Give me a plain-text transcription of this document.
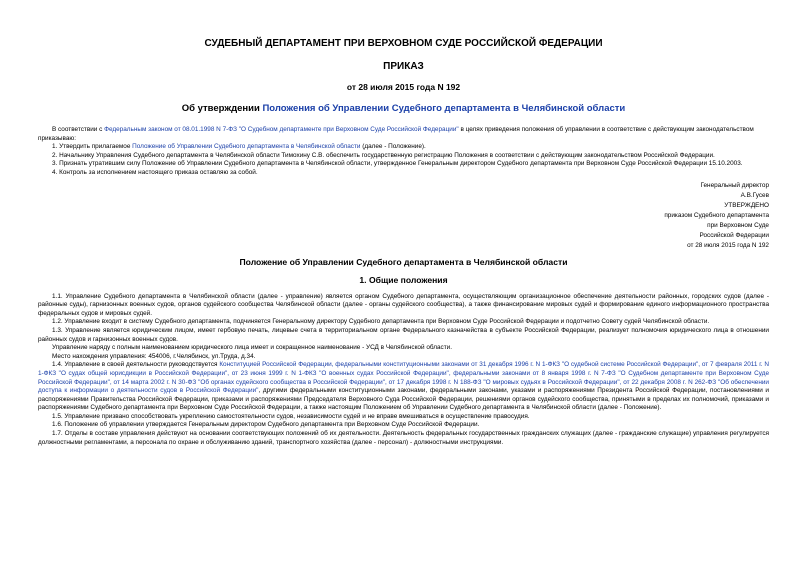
СУДЕБНЫЙ ДЕПАРТАМЕНТ ПРИ ВЕРХОВНОМ СУДЕ РОССИЙСКОЙ ФЕДЕРАЦИИ
ПРИКАЗ
от 28 июля 2015 года N 192
Об утверждении Положения об Управлении Судебного департамента в Челябинской области

В соответствии с Федеральным законом от 08.01.1998 N 7-ФЗ "О Судебном департаменте при Верховном Суде Российской Федерации" в целях приведения положения об управлении в соответствие с действующим законодательством

приказываю:

1. Утвердить прилагаемое Положение об Управлении Судебного департамента в Челябинской области (далее - Положение).

2. Начальнику Управления Судебного департамента в Челябинской области Тимохину С.В. обеспечить государственную регистрацию Положения в соответствии с действующим законодательством Российской Федерации.

3. Признать утратившим силу Положение об Управлении Судебного департамента в Челябинской области, утвержденное Генеральным директором Судебного департамента при Верховном Суде Российской Федерации 15.10.2003.

4. Контроль за исполнением настоящего приказа оставляю за собой.

Генеральный директор
А.В.Гусев
УТВЕРЖДЕНО
приказом Судебного департамента
при Верховном Суде
Российской Федерации
от 28 июля 2015 года N 192
Положение об Управлении Судебного департамента в Челябинской области
1. Общие положения

1.1. Управление Судебного департамента в Челябинской области (далее - управление) является органом Судебного департамента, осуществляющим организационное обеспечение деятельности районных, городских судов (далее - районные суды), гарнизонных военных судов, органов судейского сообщества Челябинской области (далее - органы судейского сообщества), а также финансирование мировых судей и формирование единого информационного пространства федеральных судов и мировых судей.

1.2. Управление входит в систему Судебного департамента, подчиняется Генеральному директору Судебного департамента при Верховном Суде Российской Федерации и подотчетно Совету судей Челябинской области.

1.3. Управление является юридическим лицом, имеет гербовую печать, лицевые счета в территориальном органе Федерального казначейства в субъекте Российской Федерации, реализует полномочия юридического лица в отношении районных судов и гарнизонных военных судов.

Управление наряду с полным наименованием юридического лица имеет и сокращенное наименование - УСД в Челябинской области.

Место нахождения управления: 454006, г.Челябинск, ул.Труда, д.34.

1.4. Управление в своей деятельности руководствуется Конституцией Российской Федерации, федеральными конституционными законами от 31 декабря 1996 г. N 1-ФКЗ "О судебной системе Российской Федерации", от 7 февраля 2011 г. N 1-ФКЗ "О судах общей юрисдикции в Российской Федерации", от 23 июня 1999 г. N 1-ФКЗ "О военных судах Российской Федерации", федеральными законами от 8 января 1998 г. N 7-ФЗ "О Судебном департаменте при Верховном Суде Российской Федерации", от 14 марта 2002 г. N 30-ФЗ "Об органах судейского сообщества в Российской Федерации", от 17 декабря 1998 г. N 188-ФЗ "О мировых судьях в Российской Федерации", от 22 декабря 2008 г. N 262-ФЗ "Об обеспечении доступа к информации о деятельности судов в Российской Федерации", другими федеральными конституционными законами, федеральными законами, указами и распоряжениями Президента Российской Федерации, постановлениями и распоряжениями Правительства Российской Федерации, приказами и распоряжениями Председателя Верховного Суда Российской Федерации, решениями органов судейского сообщества, принятыми в пределах их полномочий, приказами и распоряжениями Судебного департамента при Верховном Суде Российской Федерации, а также настоящим Положением об Управлении Судебного департамента в Челябинской области (далее - Положение).

1.5. Управление призвано способствовать укреплению самостоятельности судов, независимости судей и не вправе вмешиваться в осуществление правосудия.

1.6. Положение об управлении утверждается Генеральным директором Судебного департамента при Верховном Суде Российской Федерации.

1.7. Отделы в составе управления действуют на основании соответствующих положений об их деятельности. Деятельность федеральных государственных гражданских служащих (далее - гражданские служащие) управления регулируется должностными регламентами, а персонала по охране и обслуживанию зданий, транспортного хозяйства (далее - персонал) - должностными инструкциями.
